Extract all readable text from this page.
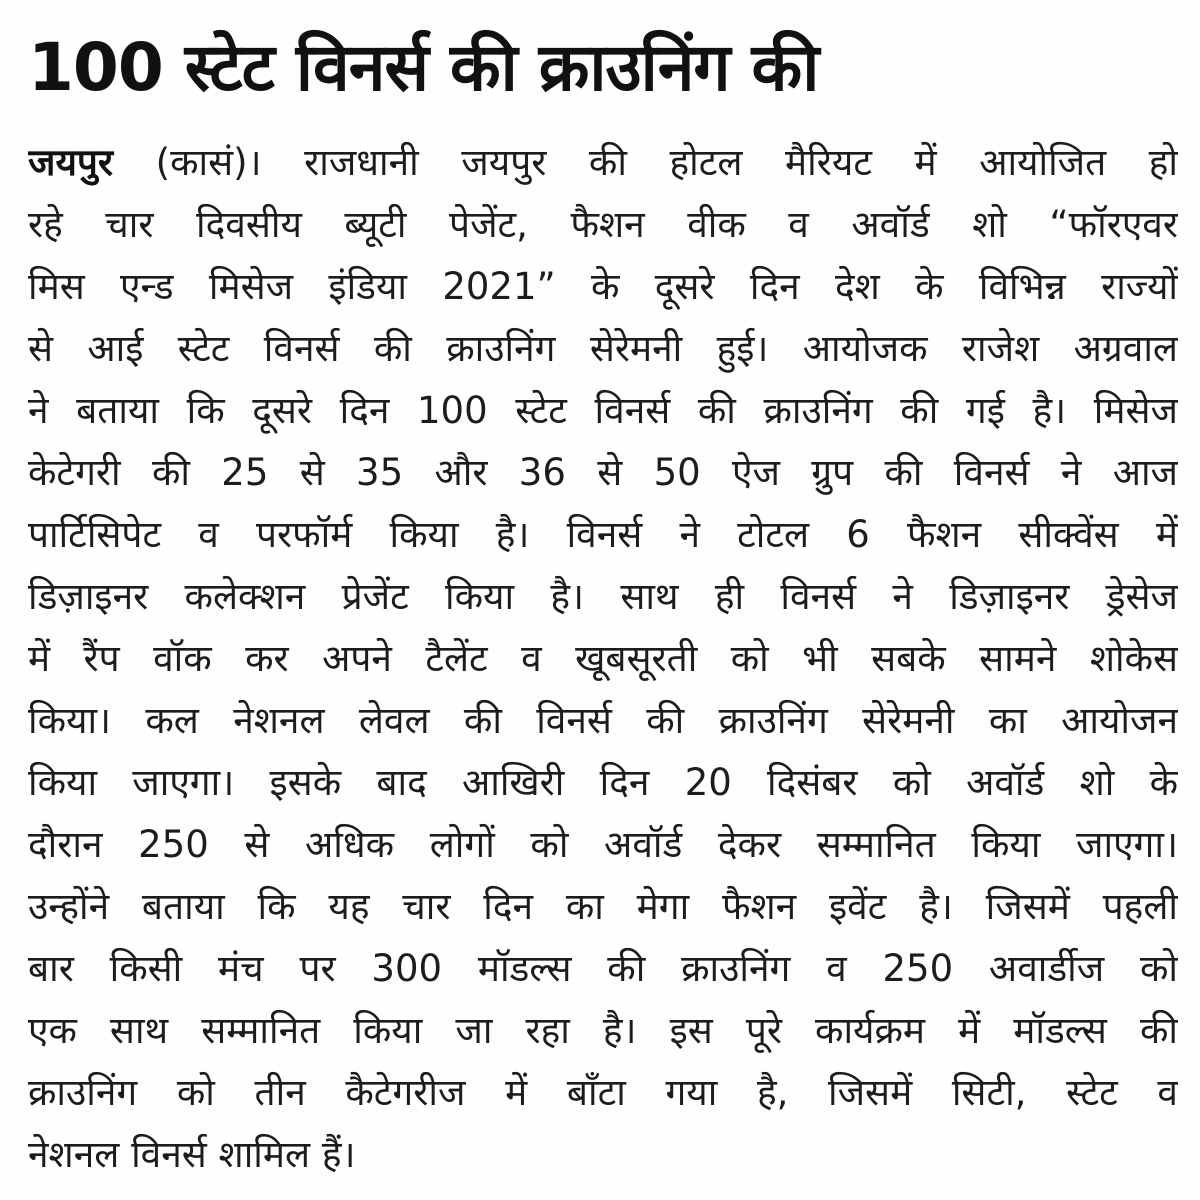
100 स्टेट विनर्स की क्राउनिंग की
जयपुर (कासं)। राजधानी जयपुर की होटल मैरियट में आयोजित हो
रहे चार दिवसीय ब्यूटी पेजेंट, फैशन वीक व अवॉर्ड शो “फॉरएवर
मिस एन्ड मिसेज इंडिया 2021” के दूसरे दिन देश के विभिन्न राज्यों
से आई स्टेट विनर्स की क्राउनिंग सेरेमनी हुई। आयोजक राजेश अग्रवाल
ने बताया कि दूसरे दिन 100 स्टेट विनर्स की क्राउनिंग की गई है। मिसेज
केटेगरी की 25 से 35 और 36 से 50 ऐज ग्रुप की विनर्स ने आज
पार्टिसिपेट व परफॉर्म किया है। विनर्स ने टोटल 6 फैशन सीक्वेंस में
डिज़ाइनर कलेक्शन प्रेजेंट किया है। साथ ही विनर्स ने डिज़ाइनर ड्रेसेज
में रैंप वॉक कर अपने टैलेंट व खूबसूरती को भी सबके सामने शोकेस
किया। कल नेशनल लेवल की विनर्स की क्राउनिंग सेरेमनी का आयोजन
किया जाएगा। इसके बाद आखिरी दिन 20 दिसंबर को अवॉर्ड शो के
दौरान 250 से अधिक लोगों को अवॉर्ड देकर सम्मानित किया जाएगा।
उन्होंने बताया कि यह चार दिन का मेगा फैशन इवेंट है। जिसमें पहली
बार किसी मंच पर 300 मॉडल्स की क्राउनिंग व 250 अवार्डीज को
एक साथ सम्मानित किया जा रहा है। इस पूरे कार्यक्रम में मॉडल्स की
क्राउनिंग को तीन कैटेगरीज में बाँटा गया है, जिसमें सिटी, स्टेट व
नेशनल विनर्स शामिल हैं।
